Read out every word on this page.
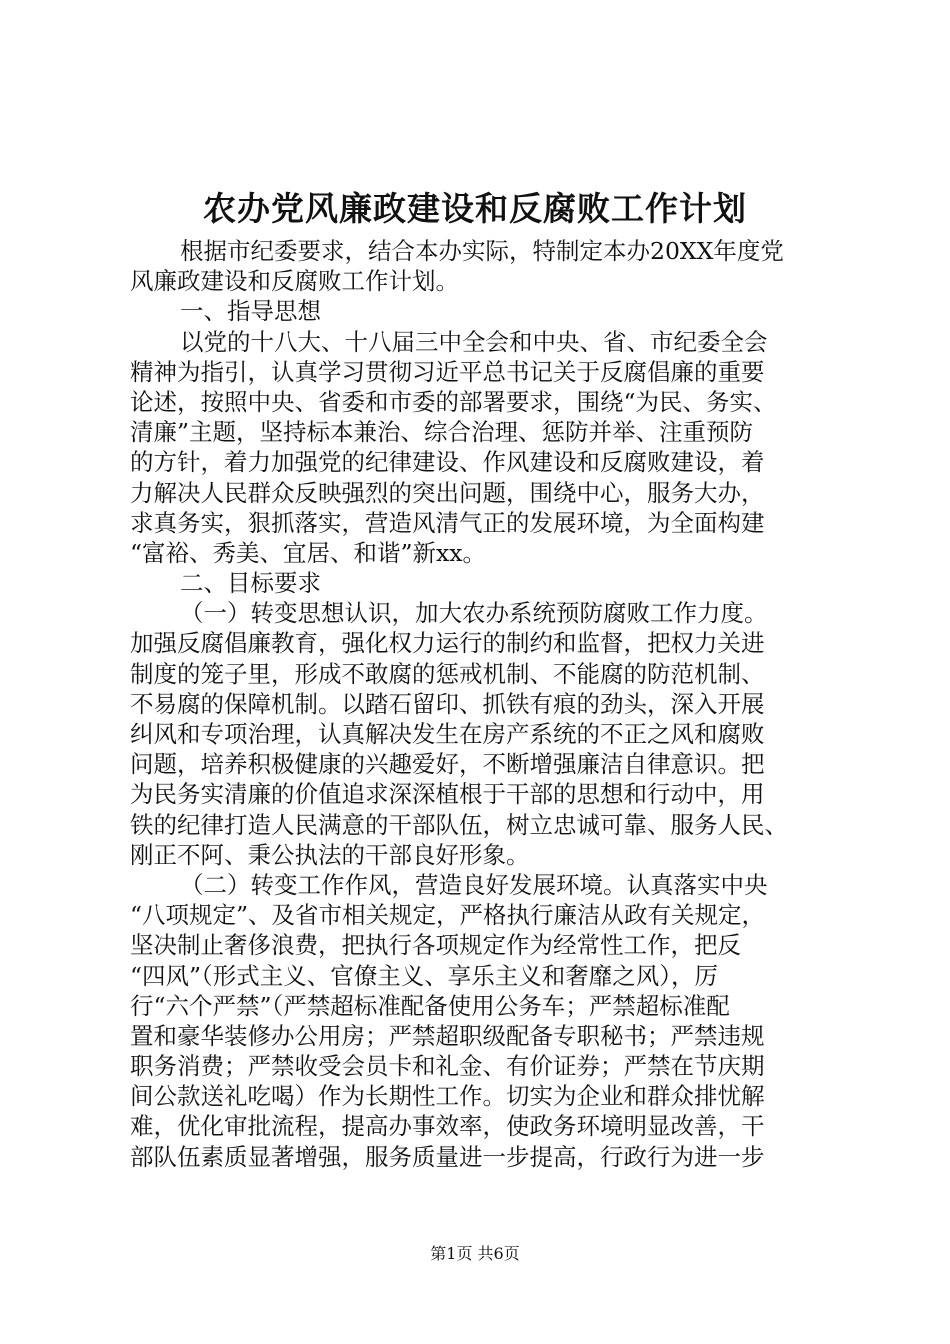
农办党风廉政建设和反腐败工作计划
根据市纪委要求，结合本办实际，特制定本办20XX年度党
风廉政建设和反腐败工作计划。
一、指导思想
以党的十八大、十八届三中全会和中央、省、市纪委全会
精神为指引，认真学习贯彻习近平总书记关于反腐倡廉的重要
论述，按照中央、省委和市委的部署要求，围绕“为民、务实、
清廉”主题，坚持标本兼治、综合治理、惩防并举、注重预防
的方针，着力加强党的纪律建设、作风建设和反腐败建设，着
力解决人民群众反映强烈的突出问题，围绕中心，服务大办，
求真务实，狠抓落实，营造风清气正的发展环境，为全面构建
“富裕、秀美、宜居、和谐”新xx。
二、目标要求
（一）转变思想认识，加大农办系统预防腐败工作力度。
加强反腐倡廉教育，强化权力运行的制约和监督，把权力关进
制度的笼子里，形成不敢腐的惩戒机制、不能腐的防范机制、
不易腐的保障机制。以踏石留印、抓铁有痕的劲头，深入开展
纠风和专项治理，认真解决发生在房产系统的不正之风和腐败
问题，培养积极健康的兴趣爱好，不断增强廉洁自律意识。把
为民务实清廉的价值追求深深植根于干部的思想和行动中，用
铁的纪律打造人民满意的干部队伍，树立忠诚可靠、服务人民、
刚正不阿、秉公执法的干部良好形象。
（二）转变工作作风，营造良好发展环境。认真落实中央
“八项规定”、及省市相关规定，严格执行廉洁从政有关规定，
坚决制止奢侈浪费，把执行各项规定作为经常性工作，把反
“四风”（形式主义、官僚主义、享乐主义和奢靡之风），厉
行“六个严禁”（严禁超标准配备使用公务车；严禁超标准配
置和豪华装修办公用房；严禁超职级配备专职秘书；严禁违规
职务消费；严禁收受会员卡和礼金、有价证券；严禁在节庆期
间公款送礼吃喝）作为长期性工作。切实为企业和群众排忧解
难，优化审批流程，提高办事效率，使政务环境明显改善，干
部队伍素质显著增强，服务质量进一步提高，行政行为进一步
第1页 共6页
